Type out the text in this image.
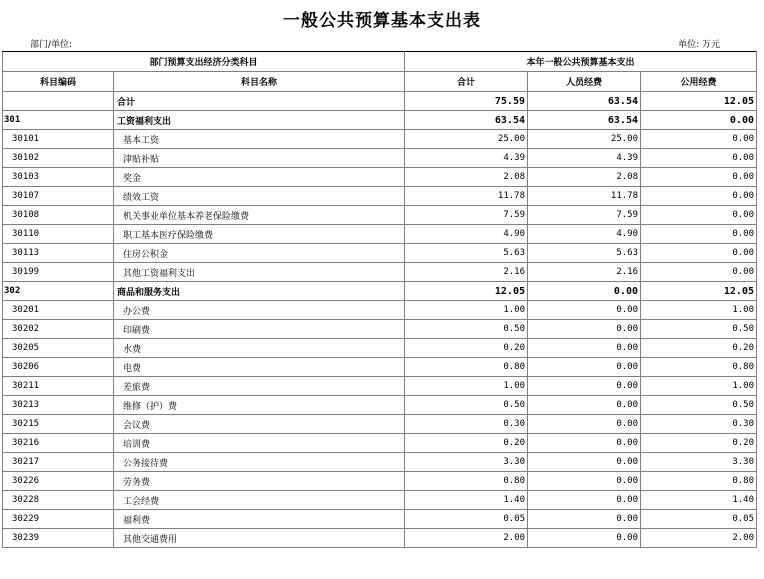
一般公共预算基本支出表
部门/单位:	单位: 万元
部门预算支出经济分类科目		本年一般公共预算基本支出		
科目编码	科目名称	合计	人员经费	公用经费
	合计	75.59	63.54	12.05
301	工资福利支出	63.54	63.54	0.00
30101	基本工资	25.00	25.00	0.00
30102	津贴补贴	4.39	4.39	0.00
30103	奖金	2.08	2.08	0.00
30107	绩效工资	11.78	11.78	0.00
30108	机关事业单位基本养老保险缴费	7.59	7.59	0.00
30110	职工基本医疗保险缴费	4.90	4.90	0.00
30113	住房公积金	5.63	5.63	0.00
30199	其他工资福利支出	2.16	2.16	0.00
302	商品和服务支出	12.05	0.00	12.05
30201	办公费	1.00	0.00	1.00
30202	印刷费	0.50	0.00	0.50
30205	水费	0.20	0.00	0.20
30206	电费	0.80	0.00	0.80
30211	差旅费	1.00	0.00	1.00
30213	维修（护）费	0.50	0.00	0.50
30215	会议费	0.30	0.00	0.30
30216	培训费	0.20	0.00	0.20
30217	公务接待费	3.30	0.00	3.30
30226	劳务费	0.80	0.00	0.80
30228	工会经费	1.40	0.00	1.40
30229	福利费	0.05	0.00	0.05
30239	其他交通费用	2.00	0.00	2.00
